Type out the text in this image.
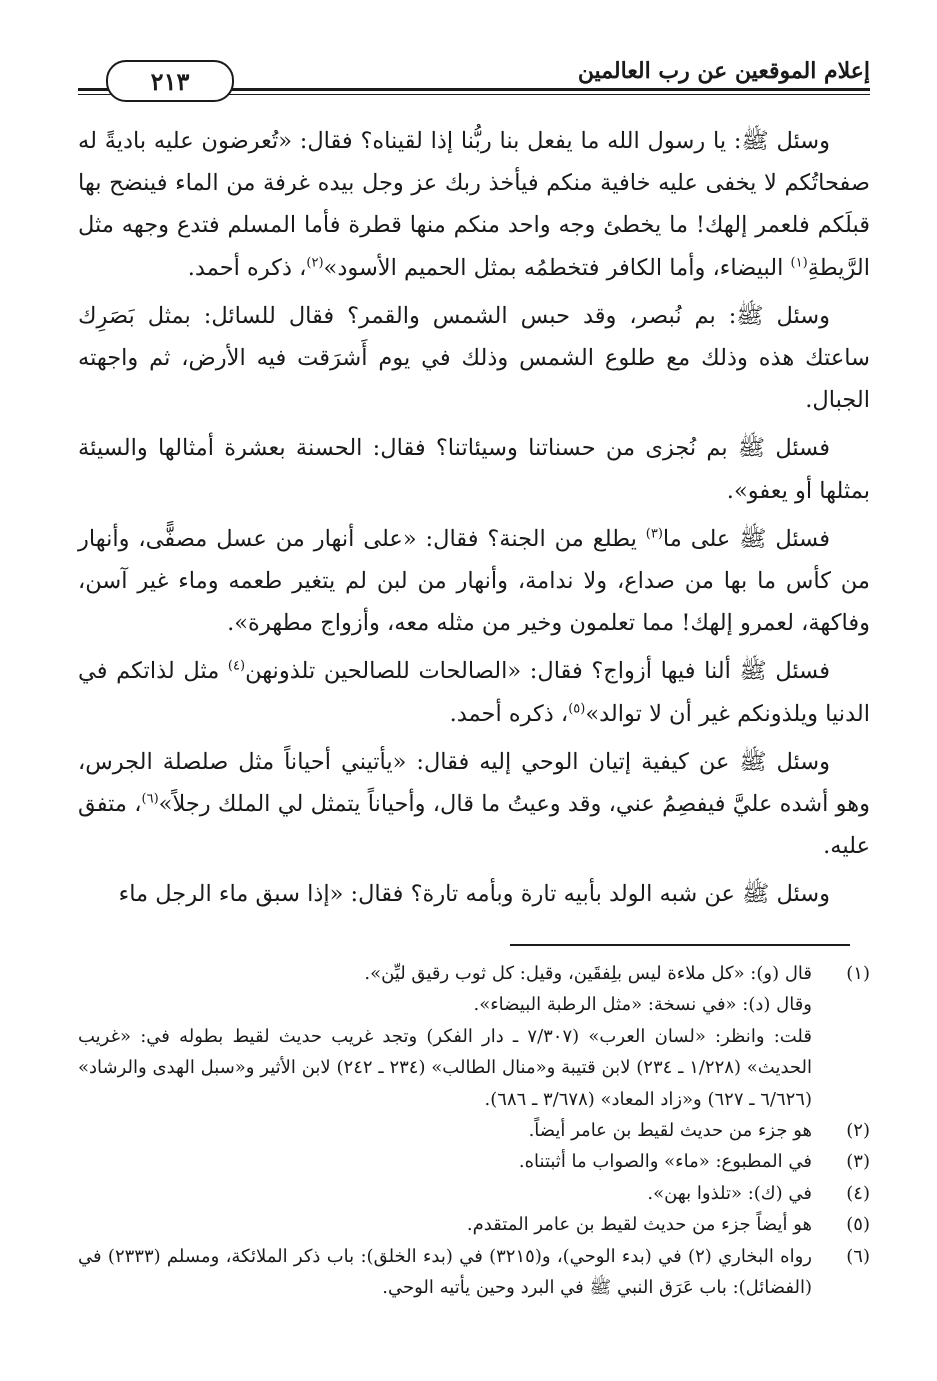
إعلام الموقعين عن رب العالمين
٢١٣

وسئل ﷺ: يا رسول الله ما يفعل بنا ربُّنا إذا لقيناه؟ فقال: «تُعرضون عليه باديةً له صفحاتُكم لا يخفى عليه خافية منكم فيأخذ ربك عز وجل بيده غرفة من الماء فينضح بها قبلَكم فلعمر إلهك! ما يخطئ وجه واحد منكم منها قطرة فأما المسلم فتدع وجهه مثل الرَّيطةِ$^{(١)}$ البيضاء، وأما الكافر فتخطمُه بمثل الحميم الأسود»$^{(٢)}$، ذكره أحمد.

وسئل ﷺ: بم نُبصر، وقد حبس الشمس والقمر؟ فقال للسائل: بمثل بَصَرِك ساعتك هذه وذلك مع طلوع الشمس وذلك في يوم أَشرَقت فيه الأرض، ثم واجهته الجبال.

فسئل ﷺ بم نُجزى من حسناتنا وسيئاتنا؟ فقال: الحسنة بعشرة أمثالها والسيئة بمثلها أو يعفو».

فسئل ﷺ على ما$^{(٣)}$ يطلع من الجنة؟ فقال: «على أنهار من عسل مصفًّى، وأنهار من كأس ما بها من صداع، ولا ندامة، وأنهار من لبن لم يتغير طعمه وماء غير آسن، وفاكهة، لعمرو إلهك! مما تعلمون وخير من مثله معه، وأزواج مطهرة».

فسئل ﷺ ألنا فيها أزواج؟ فقال: «الصالحات للصالحين تلذونهن$^{(٤)}$ مثل لذاتكم في الدنيا ويلذونكم غير أن لا توالد»$^{(٥)}$، ذكره أحمد.

وسئل ﷺ عن كيفية إتيان الوحي إليه فقال: «يأتيني أحياناً مثل صلصلة الجرس، وهو أشده عليَّ فيفصِمُ عني، وقد وعيتُ ما قال، وأحياناً يتمثل لي الملك رجلاً»$^{(٦)}$، متفق عليه.

وسئل ﷺ عن شبه الولد بأبيه تارة وبأمه تارة؟ فقال: «إذا سبق ماء الرجل ماء

(١)
قال (و): «كل ملاءة ليس بلِفقَين، وقيل: كل ثوب رقيق ليِّن».
وقال (د): «في نسخة: «مثل الرطبة البيضاء».
قلت: وانظر: «لسان العرب» (٧/٣٠٧ ـ دار الفكر) وتجد غريب حديث لقيط بطوله في: «غريب الحديث» (١/٢٢٨ ـ ٢٣٤) لابن قتيبة و«منال الطالب» (٢٣٤ ـ ٢٤٢) لابن الأثير و«سبل الهدى والرشاد» (٦/٦٢٦ ـ ٦٢٧) و«زاد المعاد» (٣/٦٧٨ ـ ٦٨٦).
(٢)
هو جزء من حديث لقيط بن عامر أيضاً.
(٣)
في المطبوع: «ماء» والصواب ما أثبتناه.
(٤)
في (ك): «تلذوا بهن».
(٥)
هو أيضاً جزء من حديث لقيط بن عامر المتقدم.
(٦)
رواه البخاري (٢) في (بدء الوحي)، و(٣٢١٥) في (بدء الخلق): باب ذكر الملائكة، ومسلم (٢٣٣٣) في (الفضائل): باب عَرَق النبي ﷺ في البرد وحين يأتيه الوحي.
